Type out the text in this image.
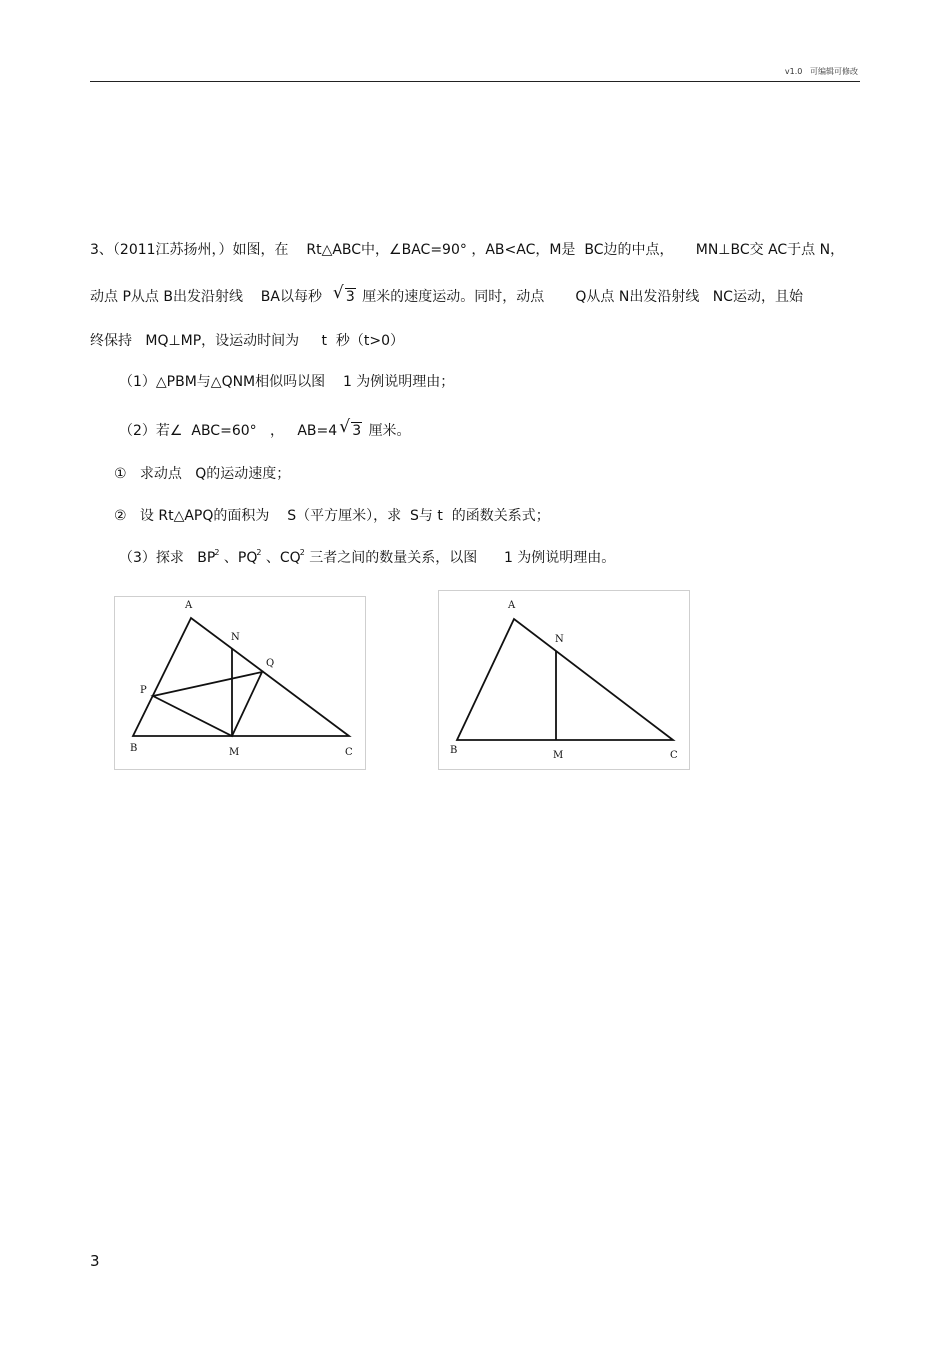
v1.0 可编辑可修改
3、（2011江苏扬州，）如图，在 Rt△ABC中，∠BAC=90° ，AB<AC，M是 BC边的中点， MN⊥BC交 AC于点 N，
动点 P从点 B出发沿射线 BA以每秒 √ 3 厘米的速度运动。同时，动点 Q从点 N出发沿射线 NC运动，且始
终保持 MQ⊥MP，设运动时间为 t 秒（t>0）
（1）△PBM与△QNM相似吗以图 1 为例说明理由；
（2）若∠ ABC=60° ， AB=4 √ 3 厘米。
① 求动点 Q的运动速度；
② 设 Rt△APQ的面积为 S（平方厘米），求 S与 t 的函数关系式；
（3）探求 $BP^2$ 、$PQ^2$ 、$CQ^2$ 三者之间的数量关系，以图 1 为例说明理由。
A
N
Q
P
B	M	C
A
N
B	M	C
3
